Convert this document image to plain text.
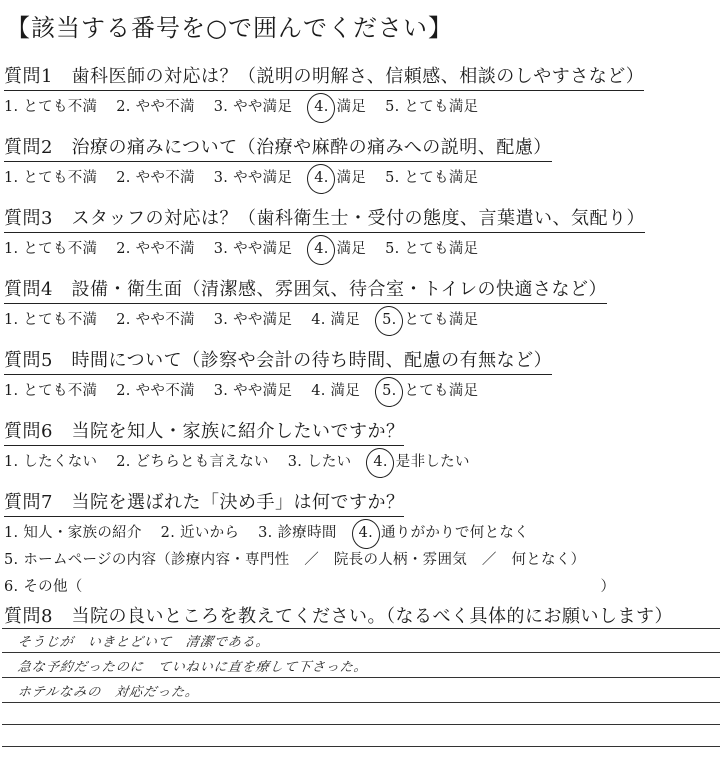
【該当する番号を○で囲んでください】
質問1　歯科医師の対応は？（説明の明解さ、信頼感、相談のしやすさなど）
1. とても不満 2. やや不満 3. やや満足 4. 満足 5. とても満足
質問2　治療の痛みについて（治療や麻酔の痛みへの説明、配慮）
1. とても不満 2. やや不満 3. やや満足 4. 満足 5. とても満足
質問3　スタッフの対応は？（歯科衛生士・受付の態度、言葉遣い、気配り）
1. とても不満 2. やや不満 3. やや満足 4. 満足 5. とても満足
質問4　設備・衛生面（清潔感、雰囲気、待合室・トイレの快適さなど）
1. とても不満 2. やや不満 3. やや満足 4. 満足 5. とても満足
質問5　時間について（診察や会計の待ち時間、配慮の有無など）
1. とても不満 2. やや不満 3. やや満足 4. 満足 5. とても満足
質問6　当院を知人・家族に紹介したいですか？
1. したくない 2. どちらとも言えない 3. したい 4. 是非したい
質問7　当院を選ばれた「決め手」は何ですか？
1. 知人・家族の紹介 2. 近いから 3. 診療時間 4. 通りがかりで何となく
5. ホームページの内容（診療内容・専門性　／　院長の人柄・雰囲気　／　何となく）
6. その他（　　　　　　　　　　　　　　　　　　　　　　　　　　　　　　　　　　　）
質問8　当院の良いところを教えてください。（なるべく具体的にお願いします）
そうじが　いきとどいて　清潔である。
急な予約だったのに　ていねいに直を療して下さった。
ホテルなみの　対応だった。
